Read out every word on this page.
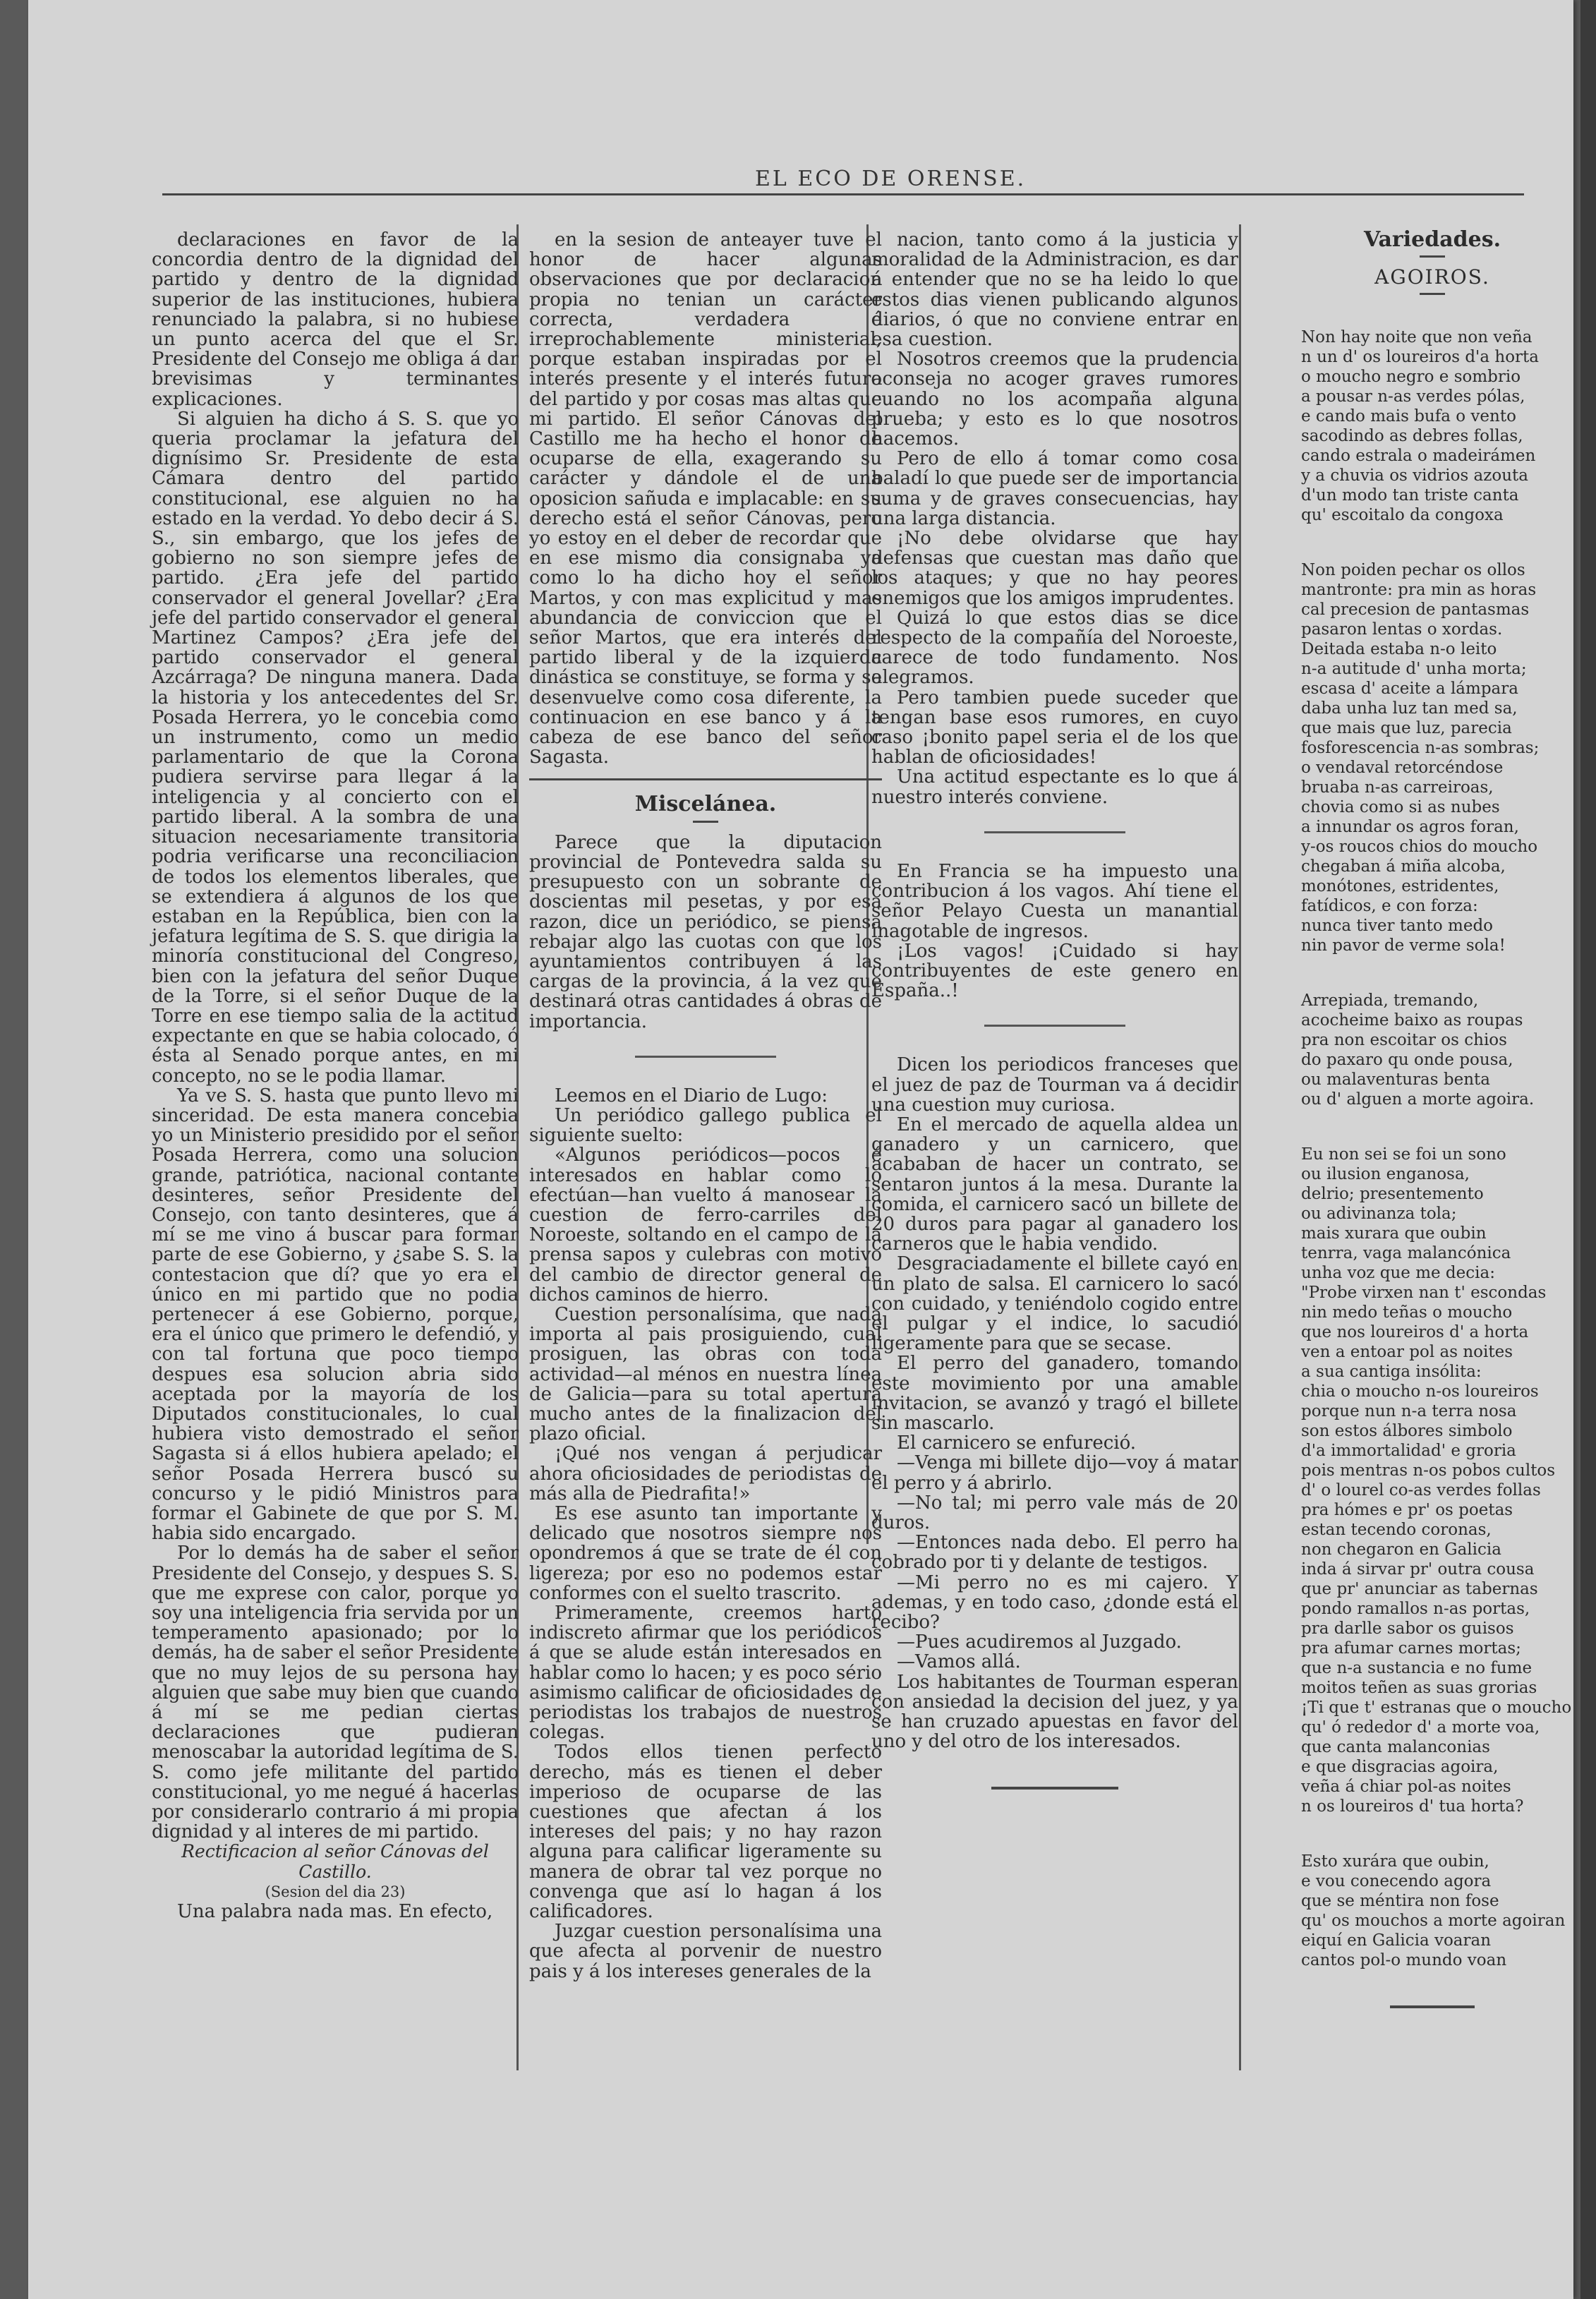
EL ECO DE ORENSE.

declaraciones en favor de la concordia dentro de la dignidad del partido y dentro de la dignidad superior de las instituciones, hubiera renunciado la palabra, si no hubiese un punto acerca del que el Sr. Presidente del Consejo me obliga á dar brevisimas y terminantes explicaciones.

Si alguien ha dicho á S. S. que yo queria proclamar la jefatura del dignísimo Sr. Presidente de esta Cámara dentro del partido constitucional, ese alguien no ha estado en la verdad. Yo debo decir á S. S., sin embargo, que los jefes de gobierno no son siempre jefes de partido. ¿Era jefe del partido conservador el general Jovellar? ¿Era jefe del partido conservador el general Martinez Campos? ¿Era jefe del partido conservador el general Azcárraga? De ninguna manera. Dada la historia y los antecedentes del Sr. Posada Herrera, yo le concebia como un instrumento, como un medio parlamentario de que la Corona pudiera servirse para llegar á la inteligencia y al concierto con el partido liberal. A la sombra de una situacion necesariamente transitoria podria verificarse una reconciliacion de todos los elementos liberales, que se extendiera á algunos de los que estaban en la República, bien con la jefatura legítima de S. S. que dirigia la minoría constitucional del Congreso, bien con la jefatura del señor Duque de la Torre, si el señor Duque de la Torre en ese tiempo salia de la actitud expectante en que se habia colocado, ó ésta al Senado porque antes, en mi concepto, no se le podia llamar.

Ya ve S. S. hasta que punto llevo mi sinceridad. De esta manera concebia yo un Ministerio presidido por el señor Posada Herrera, como una solucion grande, patriótica, nacional contante desinteres, señor Presidente del Consejo, con tanto desinteres, que á mí se me vino á buscar para formar parte de ese Gobierno, y ¿sabe S. S. la contestacion que dí? que yo era el único en mi partido que no podia pertenecer á ese Gobierno, porque, era el único que primero le defendió, y con tal fortuna que poco tiempo despues esa solucion abria sido aceptada por la mayoría de los Diputados constitucionales, lo cual hubiera visto demostrado el señor Sagasta si á ellos hubiera apelado; el señor Posada Herrera buscó su concurso y le pidió Ministros para formar el Gabinete de que por S. M. habia sido encargado.

Por lo demás ha de saber el señor Presidente del Consejo, y despues S. S. que me exprese con calor, porque yo soy una inteligencia fria servida por un temperamento apasionado; por lo demás, ha de saber el señor Presidente que no muy lejos de su persona hay alguien que sabe muy bien que cuando á mí se me pedian ciertas declaraciones que pudieran menoscabar la autoridad legítima de S. S. como jefe militante del partido constitucional, yo me negué á hacerlas por considerarlo contrario á mi propia dignidad y al interes de mi partido.

Rectificacion al señor Cánovas del Castillo.

(Sesion del dia 23)

Una palabra nada mas. En efecto,

en la sesion de anteayer tuve el honor de hacer algunas observaciones que por declaracion propia no tenian un carácter correcta, verdadera é irreprochablemente ministerial, porque estaban inspiradas por el interés presente y el interés futuro del partido y por cosas mas altas que mi partido. El señor Cánovas del Castillo me ha hecho el honor de ocuparse de ella, exagerando su carácter y dándole el de una oposicion sañuda e implacable: en su derecho está el señor Cánovas, pero yo estoy en el deber de recordar que en ese mismo dia consignaba ya como lo ha dicho hoy el señor Martos, y con mas explicitud y mas abundancia de conviccion que el señor Martos, que era interés del partido liberal y de la izquierda dinástica se constituye, se forma y se desenvuelve como cosa diferente, la continuacion en ese banco y á la cabeza de ese banco del señor Sagasta.

Miscelánea.

Parece que la diputacion provincial de Pontevedra salda su presupuesto con un sobrante de doscientas mil pesetas, y por esa razon, dice un periódico, se piensa rebajar algo las cuotas con que los ayuntamientos contribuyen á las cargas de la provincia, á la vez que destinará otras cantidades á obras de importancia.

Leemos en el Diario de Lugo:

Un periódico gallego publica el siguiente suelto:

«Algunos periódicos—pocos é interesados en hablar como lo efectúan—han vuelto á manosear la cuestion de ferro-carriles del Noroeste, soltando en el campo de la prensa sapos y culebras con motivo del cambio de director general de dichos caminos de hierro.

Cuestion personalísima, que nada importa al pais prosiguiendo, cual prosiguen, las obras con toda actividad—al ménos en nuestra línea de Galicia—para su total apertura mucho antes de la finalizacion del plazo oficial.

¡Qué nos vengan á perjudicar ahora oficiosidades de periodistas de más alla de Piedrafita!»

Es ese asunto tan importante y delicado que nosotros siempre nos opondremos á que se trate de él con ligereza; por eso no podemos estar conformes con el suelto trascrito.

Primeramente, creemos harto indiscreto afirmar que los periódicos á que se alude están interesados en hablar como lo hacen; y es poco sério asimismo calificar de oficiosidades de periodistas los trabajos de nuestros colegas.

Todos ellos tienen perfecto derecho, más es tienen el deber imperioso de ocuparse de las cuestiones que afectan á los intereses del pais; y no hay razon alguna para calificar ligeramente su manera de obrar tal vez porque no convenga que así lo hagan á los calificadores.

Juzgar cuestion personalísima una que afecta al porvenir de nuestro pais y á los intereses generales de la

nacion, tanto como á la justicia y moralidad de la Administracion, es dar á entender que no se ha leido lo que estos dias vienen publicando algunos diarios, ó que no conviene entrar en esa cuestion.

Nosotros creemos que la prudencia aconseja no acoger graves rumores cuando no los acompaña alguna prueba; y esto es lo que nosotros hacemos.

Pero de ello á tomar como cosa baladí lo que puede ser de importancia suma y de graves consecuencias, hay una larga distancia.

¡No debe olvidarse que hay defensas que cuestan mas daño que los ataques; y que no hay peores enemigos que los amigos imprudentes.

Quizá lo que estos dias se dice respecto de la compañía del Noroeste, carece de todo fundamento. Nos alegramos.

Pero tambien puede suceder que tengan base esos rumores, en cuyo caso ¡bonito papel seria el de los que hablan de oficiosidades!

Una actitud espectante es lo que á nuestro interés conviene.

En Francia se ha impuesto una contribucion á los vagos. Ahí tiene el señor Pelayo Cuesta un manantial inagotable de ingresos.

¡Los vagos! ¡Cuidado si hay contribuyentes de este genero en España..!

Dicen los periodicos franceses que el juez de paz de Tourman va á decidir una cuestion muy curiosa.

En el mercado de aquella aldea un ganadero y un carnicero, que acababan de hacer un contrato, se sentaron juntos á la mesa. Durante la comida, el carnicero sacó un billete de 20 duros para pagar al ganadero los carneros que le habia vendido.

Desgraciadamente el billete cayó en un plato de salsa. El carnicero lo sacó con cuidado, y teniéndolo cogido entre el pulgar y el indice, lo sacudió ligeramente para que se secase.

El perro del ganadero, tomando este movimiento por una amable invitacion, se avanzó y tragó el billete sin mascarlo.

El carnicero se enfureció.

—Venga mi billete dijo—voy á matar el perro y á abrirlo.

—No tal; mi perro vale más de 20 duros.

—Entonces nada debo. El perro ha cobrado por ti y delante de testigos.

—Mi perro no es mi cajero. Y ademas, y en todo caso, ¿donde está el recibo?

—Pues acudiremos al Juzgado.

—Vamos allá.

Los habitantes de Tourman esperan con ansiedad la decision del juez, y ya se han cruzado apuestas en favor del uno y del otro de los interesados.

Variedades.

AGOIROS.

Non hay noite que non veña
n un d' os loureiros d'a horta
o moucho negro e sombrio
a pousar n-as verdes pólas,
e cando mais bufa o vento
sacodindo as debres follas,
cando estrala o madeirámen
y a chuvia os vidrios azouta
d'un modo tan triste canta
qu' escoitalo da congoxa
Non poiden pechar os ollos
mantronte: pra min as horas
cal precesion de pantasmas
pasaron lentas o xordas.
Deitada estaba n-o leito
n-a autitude d' unha morta;
escasa d' aceite a lámpara
daba unha luz tan med sa,
que mais que luz, parecia
fosforescencia n-as sombras;
o vendaval retorcéndose
bruaba n-as carreiroas,
chovia como si as nubes
a innundar os agros foran,
y-os roucos chios do moucho
chegaban á miña alcoba,
monótones, estridentes,
fatídicos, e con forza:
nunca tiver tanto medo
nin pavor de verme sola!
Arrepiada, tremando,
acocheime baixo as roupas
pra non escoitar os chios
do paxaro qu onde pousa,
ou malaventuras benta
ou d' alguen a morte agoira.
Eu non sei se foi un sono
ou ilusion enganosa,
delrio; presentemento
ou adivinanza tola;
mais xurara que oubin
tenrra, vaga malancónica
unha voz que me decia:
"Probe virxen nan t' escondas
nin medo teñas o moucho
que nos loureiros d' a horta
ven a entoar pol as noites
a sua cantiga insólita:
chia o moucho n-os loureiros
porque nun n-a terra nosa
son estos álbores simbolo
d'a immortalidad' e groria
pois mentras n-os pobos cultos
d' o lourel co-as verdes follas
pra hómes e pr' os poetas
estan tecendo coronas,
non chegaron en Galicia
inda á sirvar pr' outra cousa
que pr' anunciar as tabernas
pondo ramallos n-as portas,
pra darlle sabor os guisos
pra afumar carnes mortas;
que n-a sustancia e no fume
moitos teñen as suas grorias
¡Ti que t' estranas que o moucho
qu' ó rededor d' a morte voa,
que canta malanconias
e que disgracias agoira,
veña á chiar pol-as noites
n os loureiros d' tua horta?
Esto xurára que oubin,
e vou conecendo agora
que se méntira non fose
qu' os mouchos a morte agoiran
eiquí en Galicia voaran
cantos pol-o mundo voan
